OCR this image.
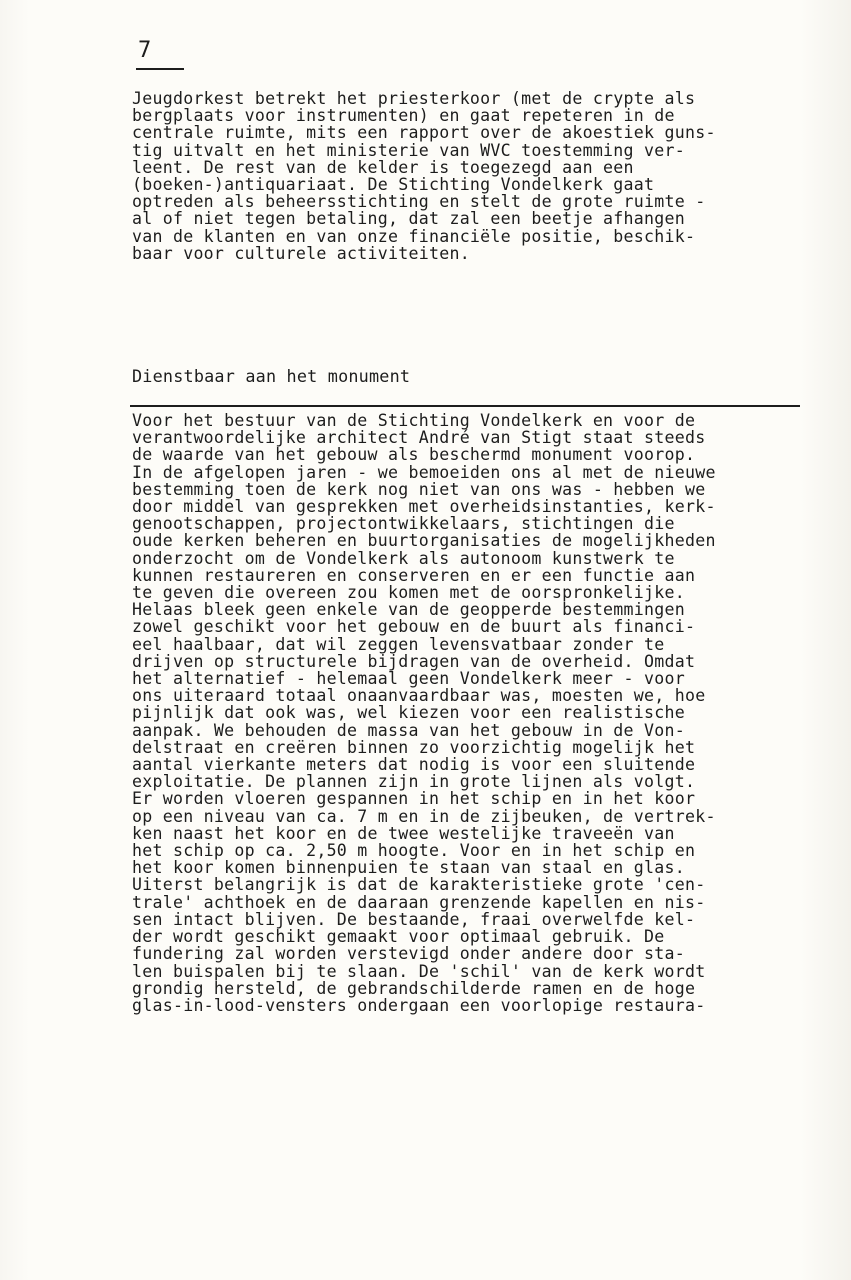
7
Jeugdorkest betrekt het priesterkoor (met de crypte als
bergplaats voor instrumenten) en gaat repeteren in de
centrale ruimte, mits een rapport over de akoestiek guns-
tig uitvalt en het ministerie van WVC toestemming ver-
leent. De rest van de kelder is toegezegd aan een
(boeken-)antiquariaat. De Stichting Vondelkerk gaat
optreden als beheersstichting en stelt de grote ruimte -
al of niet tegen betaling, dat zal een beetje afhangen
van de klanten en van onze financiële positie, beschik-
baar voor culturele activiteiten.
Dienstbaar aan het monument
Voor het bestuur van de Stichting Vondelkerk en voor de
verantwoordelijke architect André van Stigt staat steeds
de waarde van het gebouw als beschermd monument voorop.
In de afgelopen jaren - we bemoeiden ons al met de nieuwe
bestemming toen de kerk nog niet van ons was - hebben we
door middel van gesprekken met overheidsinstanties, kerk-
genootschappen, projectontwikkelaars, stichtingen die
oude kerken beheren en buurtorganisaties de mogelijkheden
onderzocht om de Vondelkerk als autonoom kunstwerk te
kunnen restaureren en conserveren en er een functie aan
te geven die overeen zou komen met de oorspronkelijke.
Helaas bleek geen enkele van de geopperde bestemmingen
zowel geschikt voor het gebouw en de buurt als financi-
eel haalbaar, dat wil zeggen levensvatbaar zonder te
drijven op structurele bijdragen van de overheid. Omdat
het alternatief - helemaal geen Vondelkerk meer - voor
ons uiteraard totaal onaanvaardbaar was, moesten we, hoe
pijnlijk dat ook was, wel kiezen voor een realistische
aanpak. We behouden de massa van het gebouw in de Von-
delstraat en creëren binnen zo voorzichtig mogelijk het
aantal vierkante meters dat nodig is voor een sluitende
exploitatie. De plannen zijn in grote lijnen als volgt.
Er worden vloeren gespannen in het schip en in het koor
op een niveau van ca. 7 m en in de zijbeuken, de vertrek-
ken naast het koor en de twee westelijke traveeën van
het schip op ca. 2,50 m hoogte. Voor en in het schip en
het koor komen binnenpuien te staan van staal en glas.
Uiterst belangrijk is dat de karakteristieke grote 'cen-
trale' achthoek en de daaraan grenzende kapellen en nis-
sen intact blijven. De bestaande, fraai overwelfde kel-
der wordt geschikt gemaakt voor optimaal gebruik. De
fundering zal worden verstevigd onder andere door sta-
len buispalen bij te slaan. De 'schil' van de kerk wordt
grondig hersteld, de gebrandschilderde ramen en de hoge
glas-in-lood-vensters ondergaan een voorlopige restaura-
